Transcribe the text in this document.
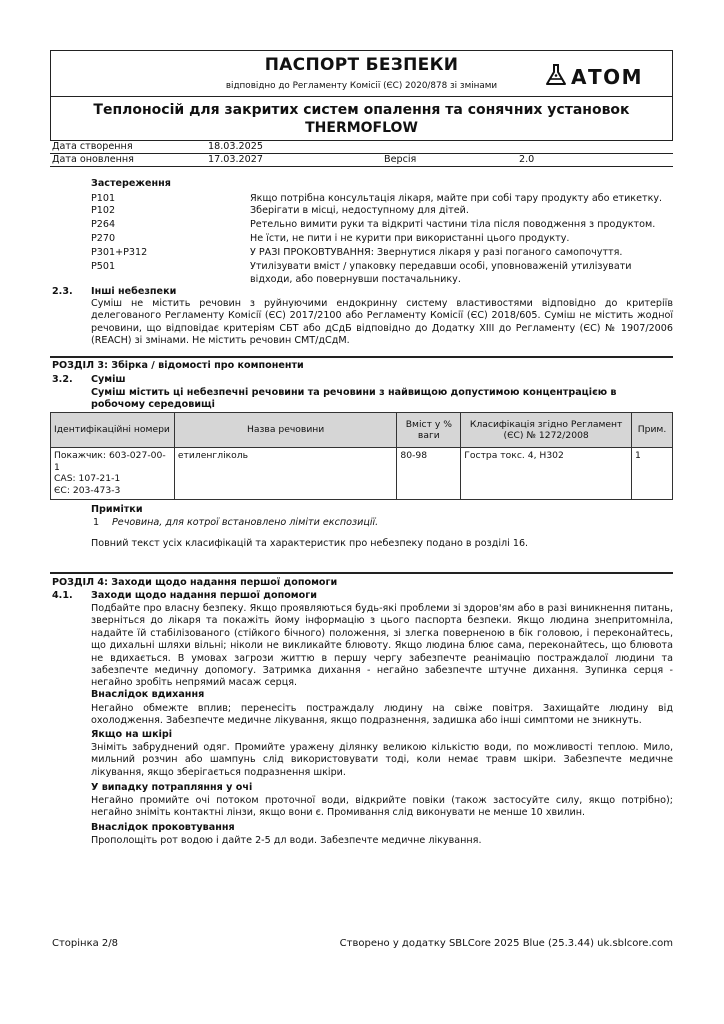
ПАСПОРТ БЕЗПЕКИ
відповідно до Регламенту Комісії (ЄС) 2020/878 зі змінами	АТОМ
Теплоносій для закритих систем опалення та сонячних установок
THERMOFLOW
Дата створення	18.03.2025
Дата оновлення	17.03.2027	Версія	2.0
Застереження
P101	Якщо потрібна консультація лікаря, майте при собі тару продукту або етикетку.
P102	Зберігати в місці, недоступному для дітей.
P264	Ретельно вимити руки та відкриті частини тіла після поводження з продуктом.
P270	Не їсти, не пити і не курити при використанні цього продукту.
P301+P312	У РАЗІ ПРОКОВТУВАННЯ: Звернутися лікаря у разі поганого самопочуття.
P501	Утилізувати вміст / упаковку передавши особі, уповноваженій утилізувати відходи, або повернувши постачальнику.
2.3. Інші небезпеки
Суміш не містить речовин з руйнуючими ендокринну систему властивостями відповідно до критеріїв делегованого Регламенту Комісії (ЄС) 2017/2100 або Регламенту Комісії (ЄС) 2018/605. Суміш не містить жодної речовини, що відповідає критеріям СБТ або дСдБ відповідно до Додатку XIII до Регламенту (ЄС) № 1907/2006 (REACH) зі змінами. Не містить речовин СМТ/дСдМ.
РОЗДІЛ 3: Збірка / відомості про компоненти
3.2. Суміш
Суміш містить ці небезпечні речовини та речовини з найвищою допустимою концентрацією в робочому середовищі
Ідентифікаційні номери	Назва речовини	Вміст у % ваги	Класифікація згідно Регламент (ЄС) № 1272/2008	Прим.

Покажчик: 603-027-00-1
CAS: 107-21-1
ЄС: 203-473-3	етиленгліколь	80-98	Гостра токс. 4, H302	1
Примітки
1 Речовина, для котрої встановлено ліміти експозиції.
Повний текст усіх класифікацій та характеристик про небезпеку подано в розділі 16.
РОЗДІЛ 4: Заходи щодо надання першої допомоги
4.1. Заходи щодо надання першої допомоги
Подбайте про власну безпеку. Якщо проявляються будь-які проблеми зі здоров'ям або в разі виникнення питань, зверніться до лікаря та покажіть йому інформацію з цього паспорта безпеки. Якщо людина знепритомніла, надайте їй стабілізованого (стійкого бічного) положення, зі злегка повернeною в бік головою, і переконайтесь, що дихальні шляхи вільні; ніколи не викликайте блювоту. Якщо людина блює сама, переконайтесь, що блювота не вдихається. В умовах загрози життю в першу чергу забезпечте реанімацію постраждалої людини та забезпечте медичну допомогу. Затримка дихання - негайно забезпечте штучне дихання. Зупинка серця - негайно зробіть непрямий масаж серця.
Внаслідок вдихання
Негайно обмежте вплив; перенесіть постраждалу людину на свіже повітря. Захищайте людину від охолодження. Забезпечте медичне лікування, якщо подразнення, задишка або інші симптоми не зникнуть.
Якщо на шкірі
Зніміть забруднений одяг. Промийте уражену ділянку великою кількістю води, по можливості теплою. Мило, мильний розчин або шампунь слід використовувати тоді, коли немає травм шкіри. Забезпечте медичне лікування, якщо зберігається подразнення шкіри.
У випадку потрапляння у очі
Негайно промийте очі потоком проточної води, відкрийте повіки (також застосуйте силу, якщо потрібно); негайно зніміть контактні лінзи, якщо вони є. Промивання слід виконувати не менше 10 хвилин.
Внаслідок проковтування
Прополощіть рот водою і дайте 2-5 дл води. Забезпечте медичне лікування.
Сторінка 2/8	Створено у додатку SBLCore 2025 Blue (25.3.44) uk.sblcore.com
